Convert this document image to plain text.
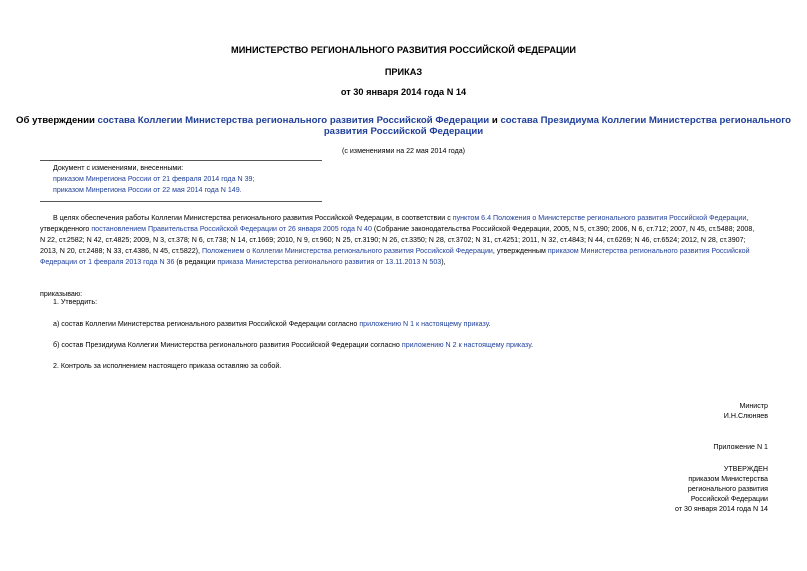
МИНИСТЕРСТВО РЕГИОНАЛЬНОГО РАЗВИТИЯ РОССИЙСКОЙ ФЕДЕРАЦИИ
ПРИКАЗ
от 30 января 2014 года N 14
Об утверждении состава Коллегии Министерства регионального развития Российской Федерации и состава Президиума Коллегии Министерства регионального
развития Российской Федерации
(с изменениями на 22 мая 2014 года)
Документ с изменениями, внесенными:
приказом Минрегиона России от 21 февраля 2014 года N 39;
приказом Минрегиона России от 22 мая 2014 года N 149.
В целях обеспечения работы Коллегии Министерства регионального развития Российской Федерации, в соответствии с пунктом 6.4 Положения о Министерстве регионального развития Российской Федерации,
утвержденного постановлением Правительства Российской Федерации от 26 января 2005 года N 40 (Собрание законодательства Российской Федерации, 2005, N 5, ст.390; 2006, N 6, ст.712; 2007, N 45, ст.5488; 2008,
N 22, ст.2582; N 42, ст.4825; 2009, N 3, ст.378; N 6, ст.738; N 14, ст.1669; 2010, N 9, ст.960; N 25, ст.3190; N 26, ст.3350; N 28, ст.3702; N 31, ст.4251; 2011, N 32, ст.4843; N 44, ст.6269; N 46, ст.6524; 2012, N 28, ст.3907;
2013, N 20, ст.2488; N 33, ст.4386, N 45, ст.5822), Положением о Коллегии Министерства регионального развития Российской Федерации, утвержденным приказом Министерства регионального развития Российской
Федерации от 1 февраля 2013 года N 36 (в редакции приказа Министерства регионального развития от 13.11.2013 N 503),
приказываю:
1. Утвердить:
а) состав Коллегии Министерства регионального развития Российской Федерации согласно приложению N 1 к настоящему приказу.
б) состав Президиума Коллегии Министерства регионального развития Российской Федерации согласно приложению N 2 к настоящему приказу.
2. Контроль за исполнением настоящего приказа оставляю за собой.
Министр
И.Н.Слюняев
Приложение N 1
УТВЕРЖДЕН
приказом Министерства
регионального развития
Российской Федерации
от 30 января 2014 года N 14
